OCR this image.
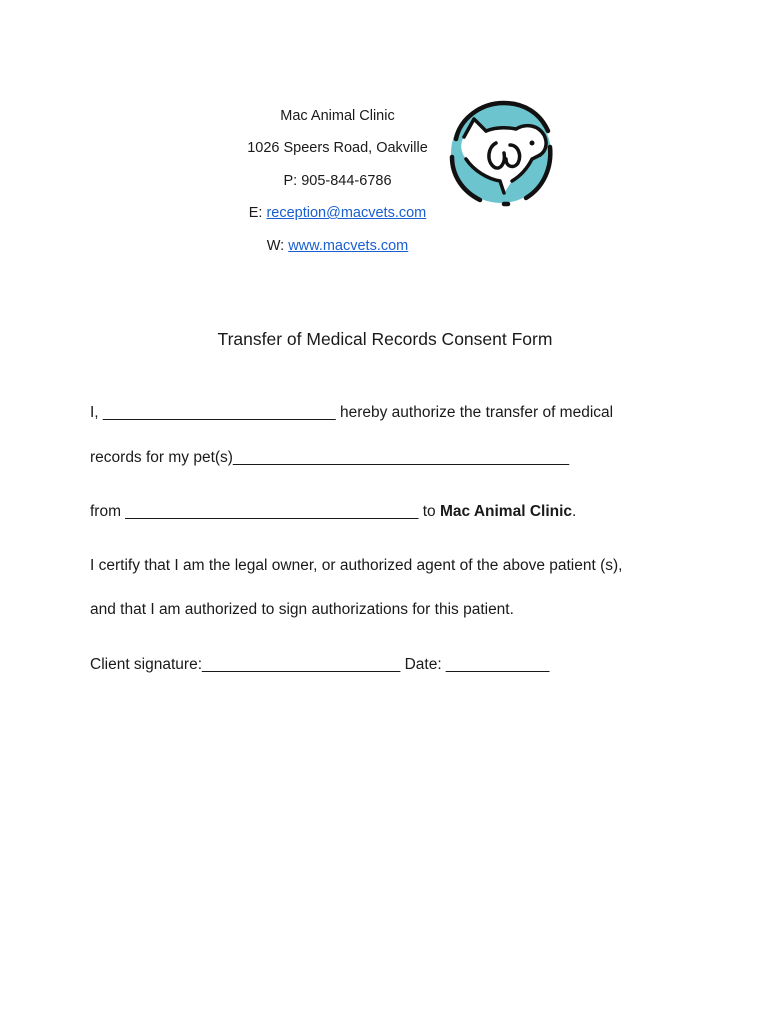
Mac Animal Clinic
1026 Speers Road, Oakville
P: 905-844-6786
E: reception@macvets.com
W: www.macvets.com
Transfer of Medical Records Consent Form
I, ___________________________ hereby authorize the transfer of medical
records for my pet(s)_______________________________________
from __________________________________ to Mac Animal Clinic.
I certify that I am the legal owner, or authorized agent of the above patient (s),
and that I am authorized to sign authorizations for this patient.
Client signature:_______________________ Date: ____________
